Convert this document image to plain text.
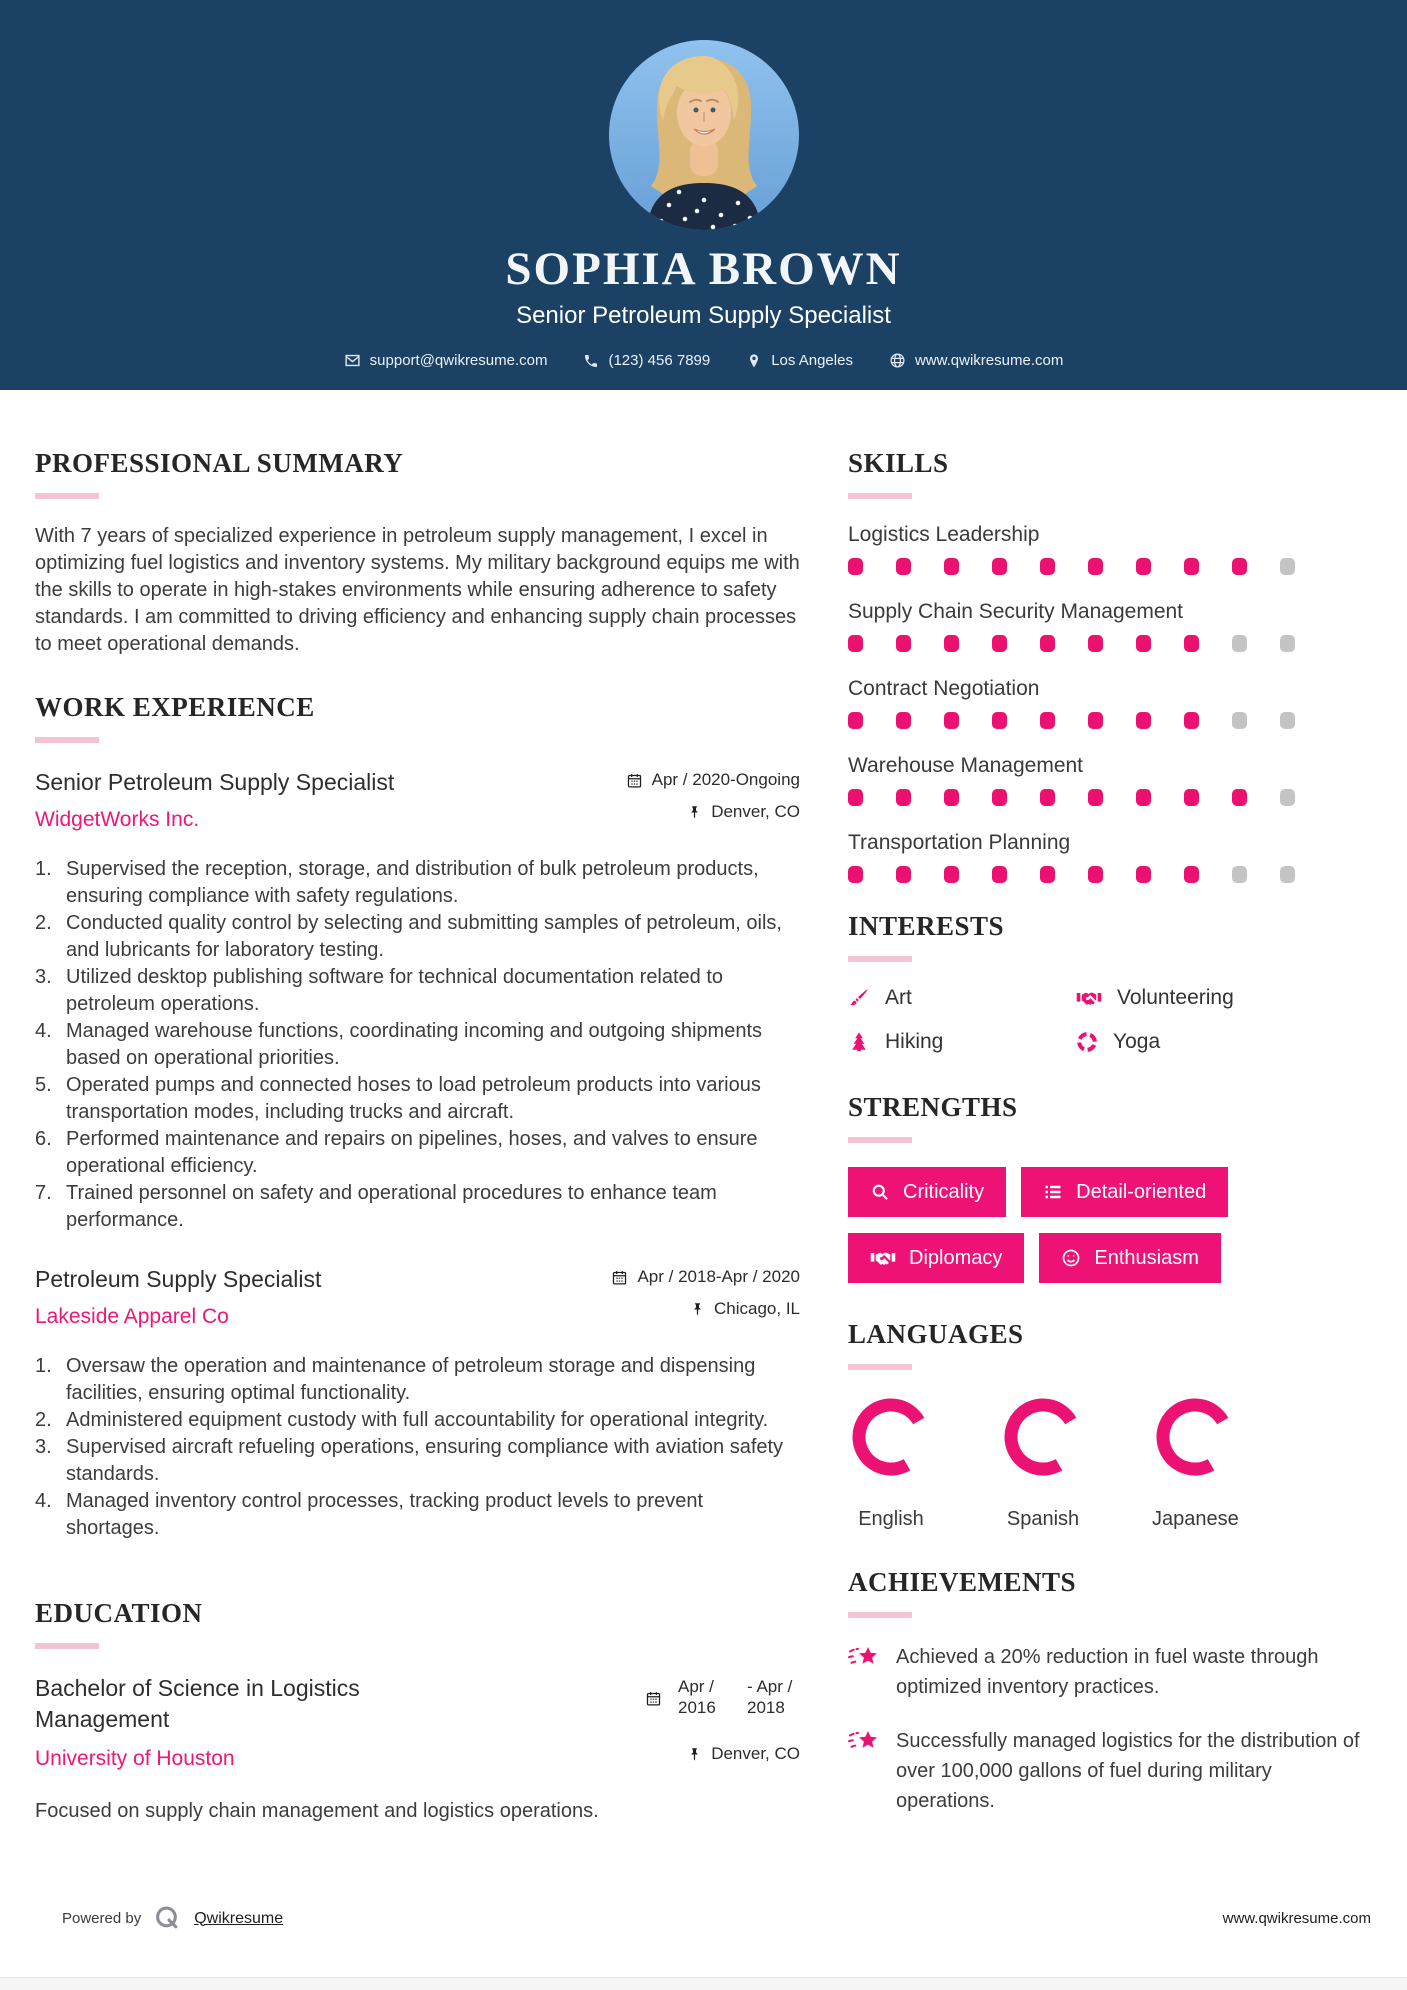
SOPHIA BROWN
Senior Petroleum Supply Specialist
support@qwikresume.com	(123) 456 7899	Los Angeles	www.qwikresume.com
PROFESSIONAL SUMMARY

With 7 years of specialized experience in petroleum supply management, I excel in optimizing fuel logistics and inventory systems. My military background equips me with the skills to operate in high-stakes environments while ensuring adherence to safety standards. I am committed to driving efficiency and enhancing supply chain processes to meet operational demands.

WORK EXPERIENCE
Senior Petroleum Supply Specialist
WidgetWorks Inc.
Apr / 2020-Ongoing
Denver, CO
Supervised the reception, storage, and distribution of bulk petroleum products, ensuring compliance with safety regulations.
Conducted quality control by selecting and submitting samples of petroleum, oils, and lubricants for laboratory testing.
Utilized desktop publishing software for technical documentation related to petroleum operations.
Managed warehouse functions, coordinating incoming and outgoing shipments based on operational priorities.
Operated pumps and connected hoses to load petroleum products into various transportation modes, including trucks and aircraft.
Performed maintenance and repairs on pipelines, hoses, and valves to ensure operational efficiency.
Trained personnel on safety and operational procedures to enhance team performance.
Petroleum Supply Specialist
Lakeside Apparel Co
Apr / 2018-Apr / 2020
Chicago, IL
Oversaw the operation and maintenance of petroleum storage and dispensing facilities, ensuring optimal functionality.
Administered equipment custody with full accountability for operational integrity.
Supervised aircraft refueling operations, ensuring compliance with aviation safety standards.
Managed inventory control processes, tracking product levels to prevent shortages.
EDUCATION
Bachelor of Science in Logistics Management
University of Houston
Apr / 2016
- Apr / 2018
Denver, CO

Focused on supply chain management and logistics operations.

SKILLS
Logistics Leadership
Supply Chain Security Management
Contract Negotiation
Warehouse Management
Transportation Planning
INTERESTS
Art	Volunteering
Hiking	Yoga
STRENGTHS
Criticality	Detail-oriented
Diplomacy	Enthusiasm
LANGUAGES
English	Spanish	Japanese
ACHIEVEMENTS

Achieved a 20% reduction in fuel waste through optimized inventory practices.

Successfully managed logistics for the distribution of over 100,000 gallons of fuel during military operations.

Powered by	Qwikresume	www.qwikresume.com
